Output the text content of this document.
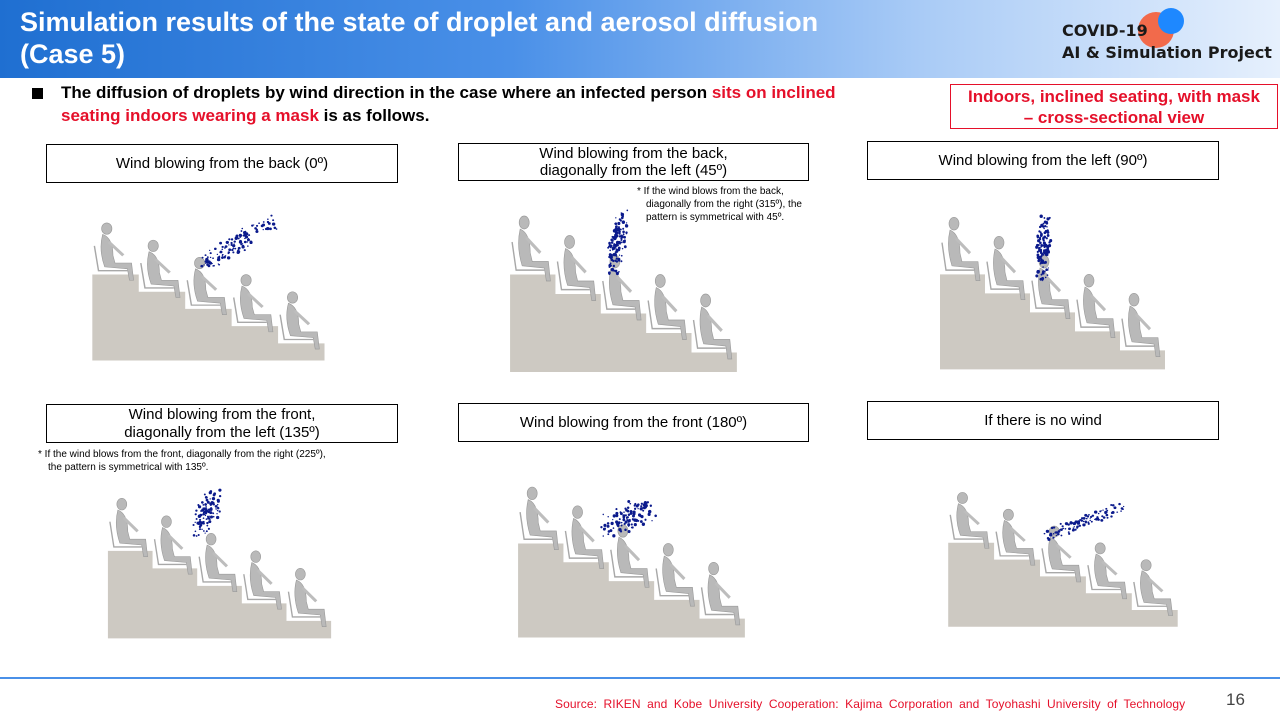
Simulation results of the state of droplet and aerosol diffusion
(Case 5)
COVID-19
AI & Simulation Project
The diffusion of droplets by wind direction in the case where an infected person sits on inclined seating indoors wearing a mask is as follows.
Indoors, inclined seating, with mask
– cross-sectional view
Wind blowing from the back (0º)
Wind blowing from the back,
diagonally from the left (45º)
Wind blowing from the left (90º)
Wind blowing from the front,
diagonally from the left (135º)
Wind blowing from the front (180º)	If there is no wind
* If the wind blows from the back,
diagonally from the right (315º), the
pattern is symmetrical with 45º.
* If the wind blows from the front, diagonally from the right (225º),
the pattern is symmetrical with 135º.
Source: RIKEN and Kobe University Cooperation: Kajima Corporation and Toyohashi University of Technology 16
